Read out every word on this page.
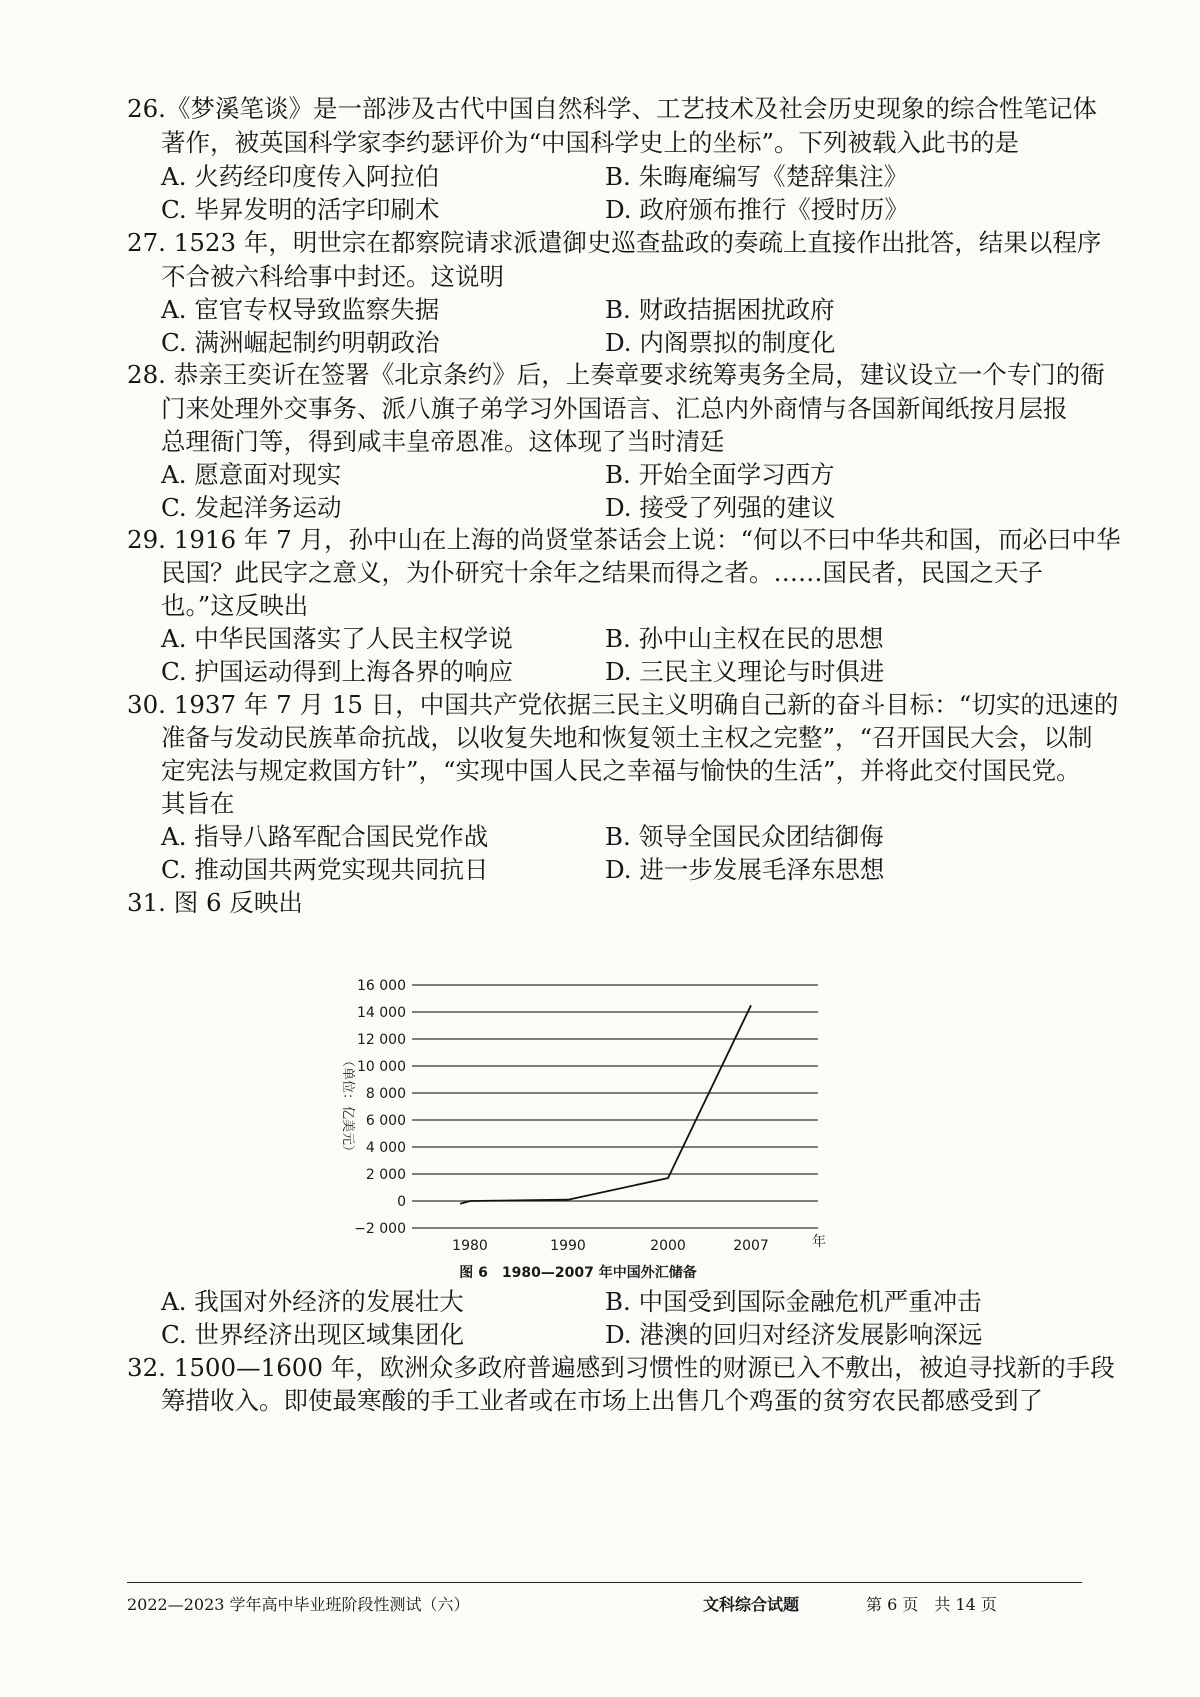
26.《梦溪笔谈》是一部涉及古代中国自然科学、工艺技术及社会历史现象的综合性笔记体
著作，被英国科学家李约瑟评价为“中国科学史上的坐标”。下列被载入此书的是
A. 火药经印度传入阿拉伯	B. 朱晦庵编写《楚辞集注》
C. 毕昇发明的活字印刷术	D. 政府颁布推行《授时历》
27. 1523 年，明世宗在都察院请求派遣御史巡查盐政的奏疏上直接作出批答，结果以程序
不合被六科给事中封还。这说明
A. 宦官专权导致监察失据	B. 财政拮据困扰政府
C. 满洲崛起制约明朝政治	D. 内阁票拟的制度化
28. 恭亲王奕䜣在签署《北京条约》后，上奏章要求统筹夷务全局，建议设立一个专门的衙
门来处理外交事务、派八旗子弟学习外国语言、汇总内外商情与各国新闻纸按月层报
总理衙门等，得到咸丰皇帝恩准。这体现了当时清廷
A. 愿意面对现实	B. 开始全面学习西方
C. 发起洋务运动	D. 接受了列强的建议
29. 1916 年 7 月，孙中山在上海的尚贤堂茶话会上说：“何以不曰中华共和国，而必曰中华
民国？此民字之意义，为仆研究十余年之结果而得之者。……国民者，民国之天子
也。”这反映出
A. 中华民国落实了人民主权学说	B. 孙中山主权在民的思想
C. 护国运动得到上海各界的响应	D. 三民主义理论与时俱进
30. 1937 年 7 月 15 日，中国共产党依据三民主义明确自己新的奋斗目标：“切实的迅速的
准备与发动民族革命抗战，以收复失地和恢复领土主权之完整”，“召开国民大会，以制
定宪法与规定救国方针”，“实现中国人民之幸福与愉快的生活”，并将此交付国民党。
其旨在
A. 指导八路军配合国民党作战	B. 领导全国民众团结御侮
C. 推动国共两党实现共同抗日	D. 进一步发展毛泽东思想
31. 图 6 反映出
16 000
14 000
12 000
10 000
8 000
6 000
4 000
2 000
0
−2 000
1980	1990	2000	2007
（单位：亿美元）
年
图 6　1980—2007 年中国外汇储备
A. 我国对外经济的发展壮大	B. 中国受到国际金融危机严重冲击
C. 世界经济出现区域集团化	D. 港澳的回归对经济发展影响深远
32. 1500—1600 年，欧洲众多政府普遍感到习惯性的财源已入不敷出，被迫寻找新的手段
筹措收入。即使最寒酸的手工业者或在市场上出售几个鸡蛋的贫穷农民都感受到了
2022—2023 学年高中毕业班阶段性测试（六）	文科综合试题	第 6 页　共 14 页
